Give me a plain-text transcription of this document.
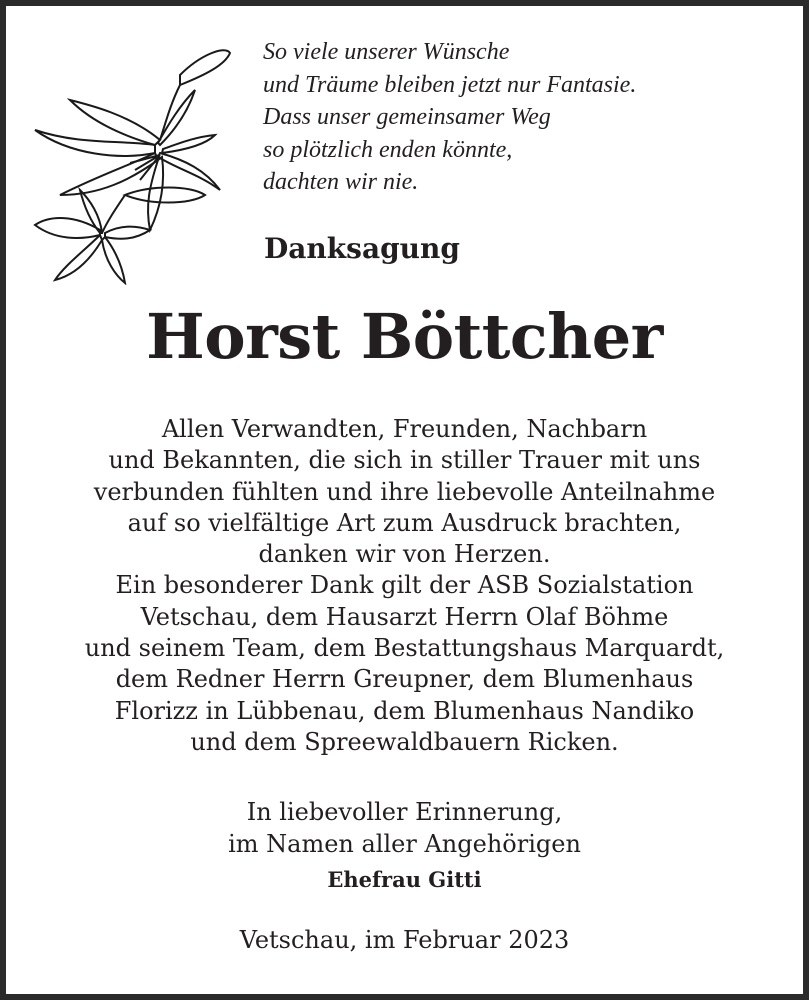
So viele unserer Wünsche
und Träume bleiben jetzt nur Fantasie.
Dass unser gemeinsamer Weg
so plötzlich enden könnte,
dachten wir nie.
Danksagung
Horst Böttcher
Allen Verwandten, Freunden, Nachbarn
und Bekannten, die sich in stiller Trauer mit uns
verbunden fühlten und ihre liebevolle Anteilnahme
auf so vielfältige Art zum Ausdruck brachten,
danken wir von Herzen.
Ein besonderer Dank gilt der ASB Sozialstation
Vetschau, dem Hausarzt Herrn Olaf Böhme
und seinem Team, dem Bestattungshaus Marquardt,
dem Redner Herrn Greupner, dem Blumenhaus
Florizz in Lübbenau, dem Blumenhaus Nandiko
und dem Spreewaldbauern Ricken.
In liebevoller Erinnerung,
im Namen aller Angehörigen
Ehefrau Gitti
Vetschau, im Februar 2023
